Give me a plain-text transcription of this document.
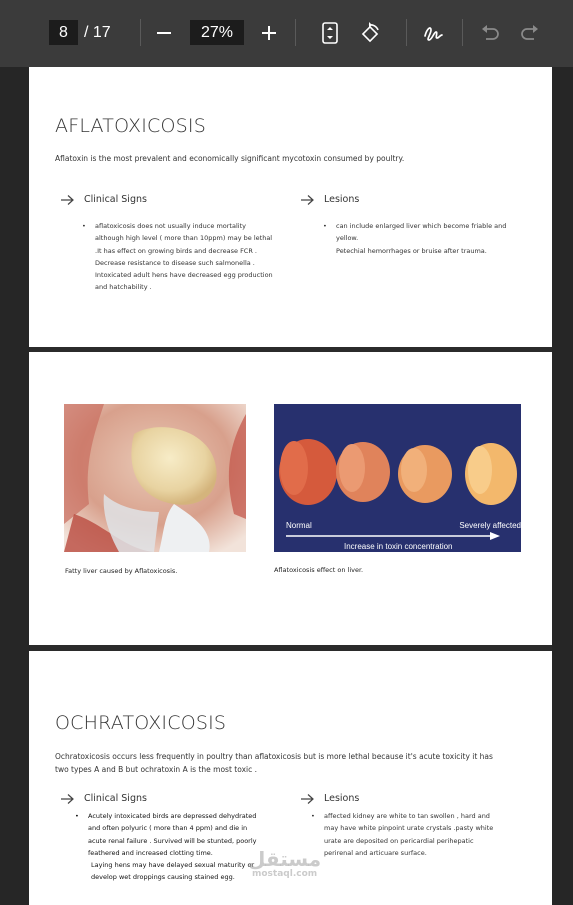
8	/ 17	27%
AFLATOXICOSIS
Aflatoxin is the most prevalent and economically significant mycotoxin consumed by poultry.
Clinical Signs
• aflatoxicosis does not usually induce mortality
although high level ( more than 10ppm) may be lethal
.It has effect on growing birds and decrease FCR .
Decrease resistance to disease such salmonella .
Intoxicated adult hens have decreased egg production
and hatchability .
Lesions
• can include enlarged liver which become friable and
yellow.
Petechial hemorrhages or bruise after trauma.
Normal	Severely affected
Increase in toxin concentration
Fatty liver caused by Aflatoxicosis.	Aflatoxicosis effect on liver.
OCHRATOXICOSIS
Ochratoxicosis occurs less frequently in poultry than aflatoxicosis but is more lethal because it's acute toxicity it has
two types A and B but ochratoxin A is the most toxic .
Clinical Signs
• Acutely intoxicated birds are depressed dehydrated
and often polyuric ( more than 4 ppm) and die in
acute renal failure . Survived will be stunted, poorly
feathered and increased clotting time.
Laying hens may have delayed sexual maturity or
develop wet droppings causing stained egg.
Lesions
• affected kidney are white to tan swollen , hard and
may have white pinpoint urate crystals .pasty white
urate are deposited on pericardial perihepatic
perirenal and articuare surface.
مستقل
mostaql.com
